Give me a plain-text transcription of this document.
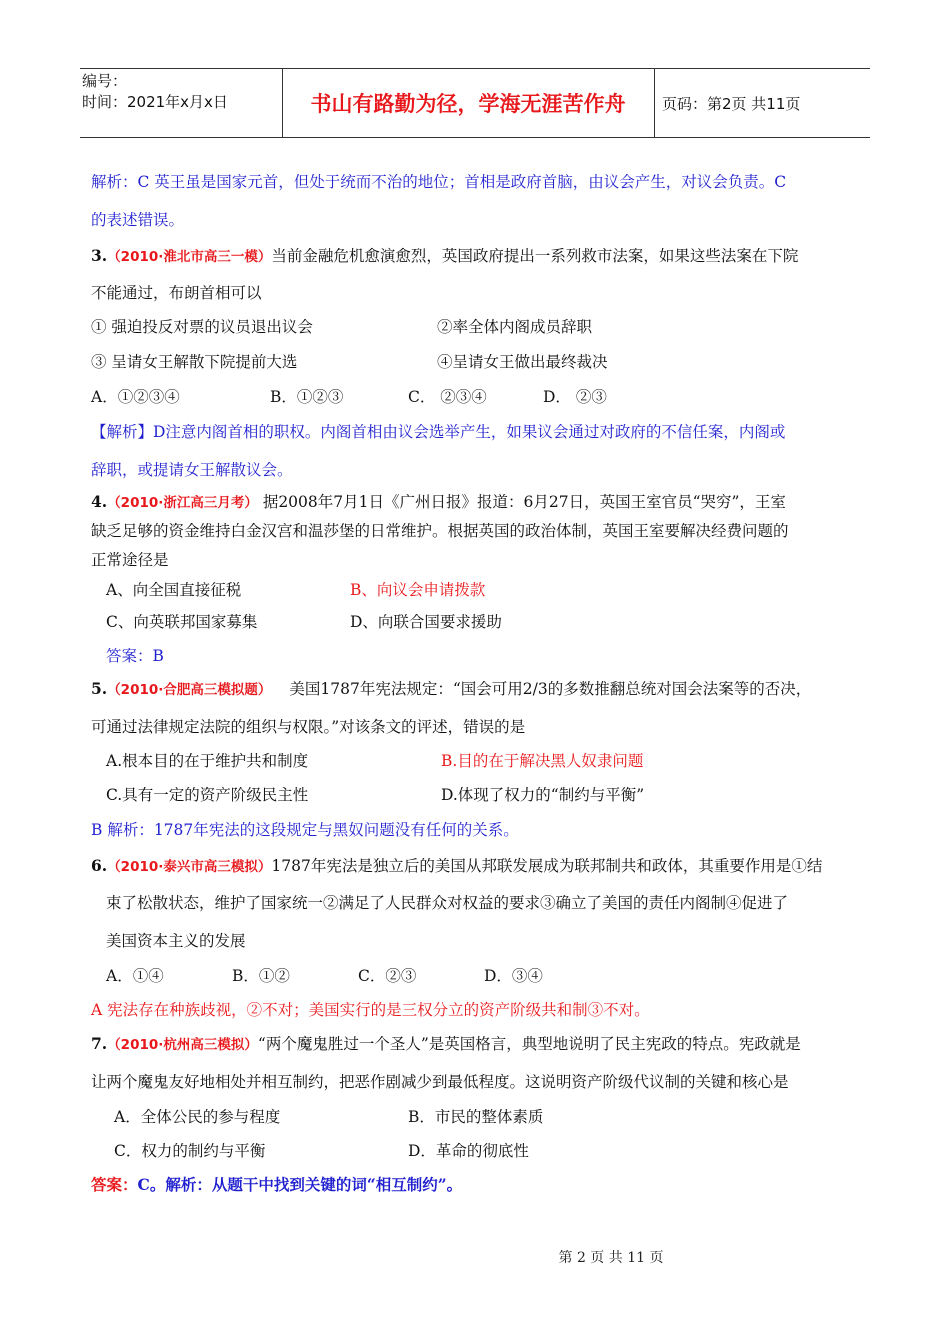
编号：
时间：2021年x月x日	书山有路勤为径，学海无涯苦作舟	页码：第2页 共11页
解析：C 英王虽是国家元首，但处于统而不治的地位；首相是政府首脑，由议会产生，对议会负责。C
的表述错误。
3.（2010·淮北市高三一模）当前金融危机愈演愈烈，英国政府提出一系列救市法案，如果这些法案在下院
不能通过，布朗首相可以
① 强迫投反对票的议员退出议会	②率全体内阁成员辞职
③ 呈请女王解散下院提前大选	④呈请女王做出最终裁决
A．①②③④	B．①②③	C． ②③④	D． ②③
【解析】D注意内阁首相的职权。内阁首相由议会选举产生，如果议会通过对政府的不信任案，内阁或
辞职，或提请女王解散议会。
4.（2010·浙江高三月考） 据2008年7月1日《广州日报》报道：6月27日，英国王室官员“哭穷”，王室
缺乏足够的资金维持白金汉宫和温莎堡的日常维护。根据英国的政治体制，英国王室要解决经费问题的
正常途径是
A、向全国直接征税	B、向议会申请拨款
C、向英联邦国家募集	D、向联合国要求援助
答案：B
5.（2010·合肥高三模拟题） 美国1787年宪法规定：“国会可用2/3的多数推翻总统对国会法案等的否决，
可通过法律规定法院的组织与权限。”对该条文的评述，错误的是
A.根本目的在于维护共和制度	B.目的在于解决黑人奴隶问题
C.具有一定的资产阶级民主性	D.体现了权力的“制约与平衡”
B 解析：1787年宪法的这段规定与黑奴问题没有任何的关系。
6.（2010·泰兴市高三模拟）1787年宪法是独立后的美国从邦联发展成为联邦制共和政体，其重要作用是①结
束了松散状态，维护了国家统一②满足了人民群众对权益的要求③确立了美国的责任内阁制④促进了
美国资本主义的发展
A．①④	B．①②	C．②③	D．③④
A 宪法存在种族歧视，②不对；美国实行的是三权分立的资产阶级共和制③不对。
7.（2010·杭州高三模拟）“两个魔鬼胜过一个圣人”是英国格言，典型地说明了民主宪政的特点。宪政就是
让两个魔鬼友好地相处并相互制约，把恶作剧减少到最低程度。这说明资产阶级代议制的关键和核心是
A．全体公民的参与程度	B．市民的整体素质
C．权力的制约与平衡	D．革命的彻底性
答案：C。解析：从题干中找到关键的词“相互制约”。
第 2 页 共 11 页
